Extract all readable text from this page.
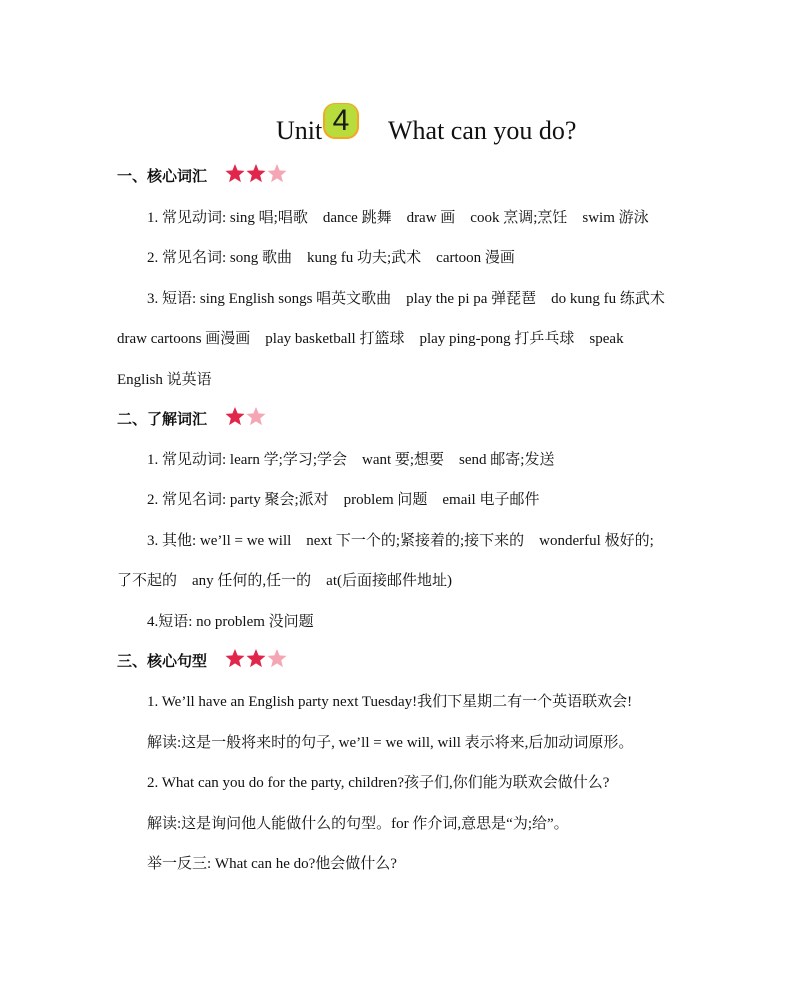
Unit 4	What can you do?
一、核心词汇
1. 常见动词: sing 唱;唱歌　dance 跳舞　draw 画　cook 烹调;烹饪　swim 游泳
2. 常见名词: song 歌曲　kung fu 功夫;武术　cartoon 漫画
3. 短语: sing English songs 唱英文歌曲　play the pi pa 弹琵琶　do kung fu 练武术
draw cartoons 画漫画　play basketball 打篮球　play ping-pong 打乒乓球　speak
English 说英语
二、了解词汇
1. 常见动词: learn 学;学习;学会　want 要;想要　send 邮寄;发送
2. 常见名词: party 聚会;派对　problem 问题　email 电子邮件
3. 其他: we’ll = we will　next 下一个的;紧接着的;接下来的　wonderful 极好的;
了不起的　any 任何的,任一的　at(后面接邮件地址)
4.短语: no problem 没问题
三、核心句型
1. We’ll have an English party next Tuesday!我们下星期二有一个英语联欢会!
解读:这是一般将来时的句子, we’ll = we will, will 表示将来,后加动词原形。
2. What can you do for the party, children?孩子们,你们能为联欢会做什么?
解读:这是询问他人能做什么的句型。for 作介词,意思是“为;给”。
举一反三: What can he do?他会做什么?
